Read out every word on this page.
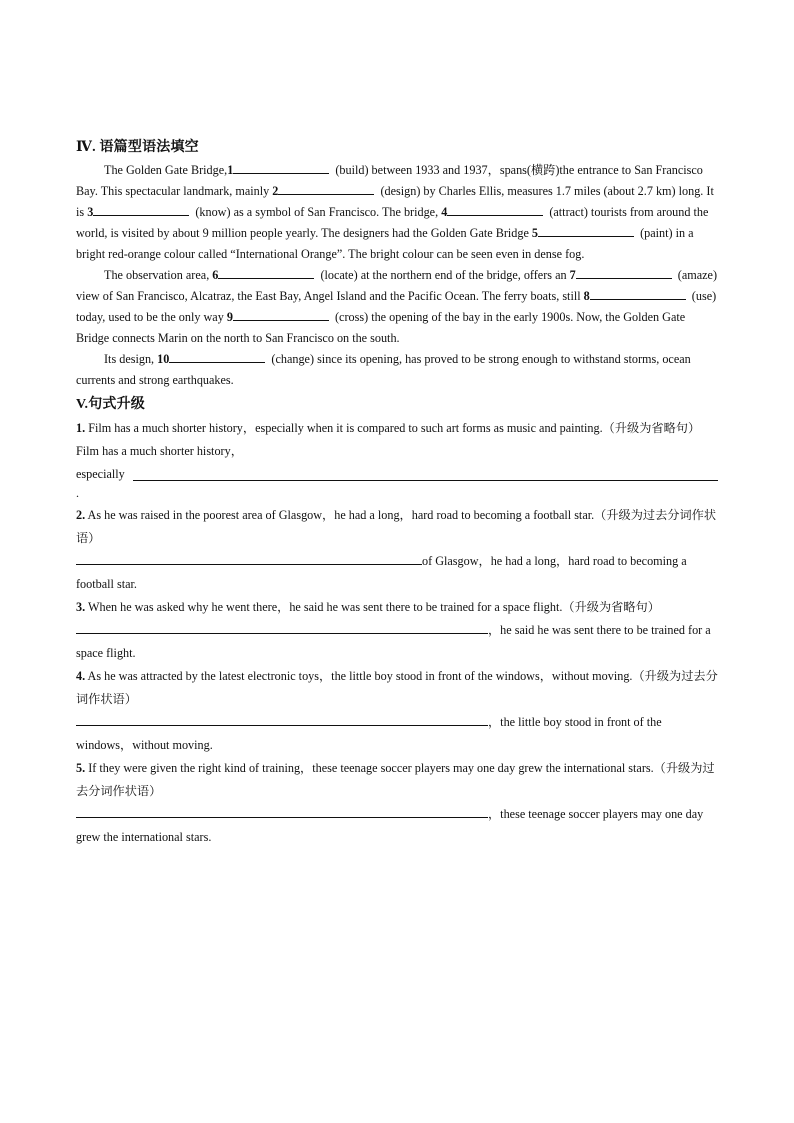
Ⅳ. 语篇型语法填空

The Golden Gate Bridge,1	(build) between 1933 and 1937，spans(横跨)the entrance to San Francisco Bay. This spectacular landmark, mainly 2	(design) by Charles Ellis, measures 1.7 miles (about 2.7 km) long. It is 3	(know) as a symbol of San Francisco. The bridge, 4	(attract) tourists from around the world, is visited by about 9 million people yearly. The designers had the Golden Gate Bridge 5	(paint) in a bright red-orange colour called “International Orange”. The bright colour can be seen even in dense fog.

The observation area, 6	(locate) at the northern end of the bridge, offers an 7	(amaze) view of San Francisco, Alcatraz, the East Bay, Angel Island and the Pacific Ocean. The ferry boats, still 8	(use) today, used to be the only way 9	(cross) the opening of the bay in the early 1900s. Now, the Golden Gate Bridge connects Marin on the north to San Francisco on the south.

Its design, 10	(change) since its opening, has proved to be strong enough to withstand storms, ocean currents and strong earthquakes.

V.句式升级

1. Film has a much shorter history，especially when it is compared to such art forms as music and painting.（升级为省略句）

Film has a much shorter history，

especially
.

2. As he was raised in the poorest area of Glasgow，he had a long，hard road to becoming a football star.（升级为过去分词作状语）

of Glasgow，he had a long，hard road to becoming a football star.

3. When he was asked why he went there，he said he was sent there to be trained for a space flight.（升级为省略句）

，he said he was sent there to be trained for a space flight.

4. As he was attracted by the latest electronic toys，the little boy stood in front of the windows，without moving.（升级为过去分词作状语）

，the little boy stood in front of the windows，without moving.

5. If they were given the right kind of training，these teenage soccer players may one day grew the international stars.（升级为过去分词作状语）

，these teenage soccer players may one day grew the international stars.
